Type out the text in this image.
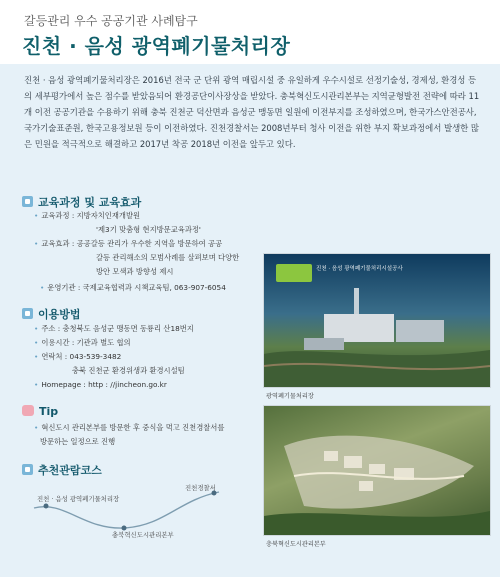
갈등관리 우수 공공기관 사례탐구
진천 · 음성 광역폐기물처리장

진천 · 음성 광역폐기물처리장은 2016년 전국 군 단위 광역 매립시설 중 유일하게 우수시설로 선정기술성, 경제성, 환경성 등의 세부평가에서 높은 점수를 받았음되어 환경공단이사장상을 받았다. 충북혁신도시관리본부는 지역균형발전 전략에 따라 11개 이전 공공기관을 수용하기 위해 충북 진천군 덕산면과 음성군 맹동면 일원에 이전부지를 조성하였으며, 한국가스안전공사, 국가기술표준원, 한국고용정보원 등이 이전하였다. 진천경찰서는 2008년부터 청사 이전을 위한 부지 확보과정에서 발생한 많은 민원을 적극적으로 해결하고 2017년 착공 2018년 이전을 앞두고 있다.

교육과정 및 교육효과
• 교육과정 : 지방자치인재개발원
'제3기 맞춤형 현지방문교육과정'
• 교육효과 : 공공갈등 관리가 우수한 지역을 방문하여 공공
갈등 관리해소의 모범사례를 살펴보며 다양한
방안 모색과 방향성 제시
• 운영기관 : 국제교육협력과 시책교육팀, 063-907-6054
이용방법
• 주소 : 충청북도 음성군 맹동면 동룡리 산18번지
• 이용시간 : 기관과 별도 협의
• 연락처 : 043-539-3482
충북 진천군 환경위생과 환경시설팀
• Homepage : http : //jincheon.go.kr
Tip
• 혁신도시 관리본부를 방문한 후 중식을 먹고 진천경찰서를
방문하는 일정으로 진행
추천관람코스
진천 · 음성 광역폐기물처리장
충북혁신도시관리본부
진천경찰서
진천 · 음성 광역폐기물처리시설공사
광역폐기물처리장
충북혁신도시관리본부
